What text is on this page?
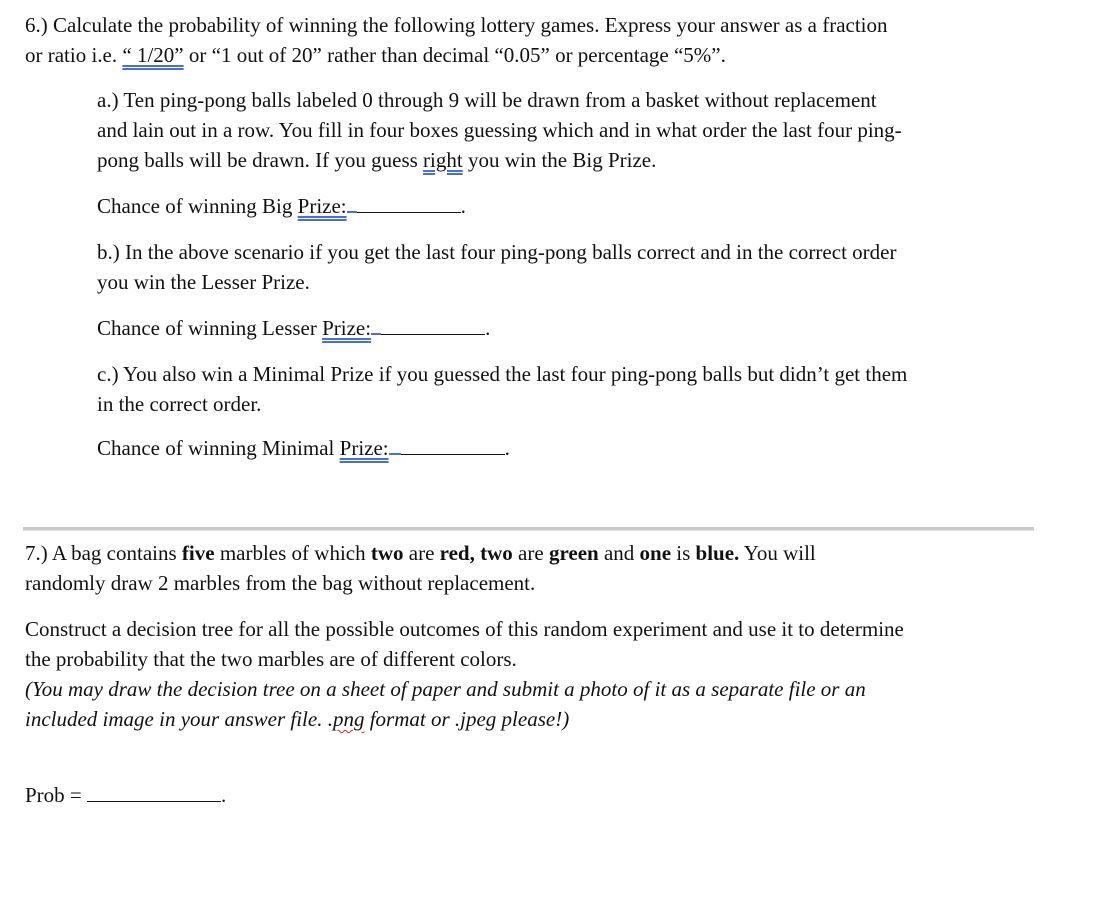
6.) Calculate the probability of winning the following lottery games. Express your answer as a fraction
or ratio i.e. “ 1/20” or “1 out of 20” rather than decimal “0.05” or percentage “5%”.
a.) Ten ping-pong balls labeled 0 through 9 will be drawn from a basket without replacement
and lain out in a row. You fill in four boxes guessing which and in what order the last four ping-
pong balls will be drawn. If you guess right you win the Big Prize.
Chance of winning Big Prize:	.
b.) In the above scenario if you get the last four ping-pong balls correct and in the correct order
you win the Lesser Prize.
Chance of winning Lesser Prize:	.
c.) You also win a Minimal Prize if you guessed the last four ping-pong balls but didn’t get them
in the correct order.
Chance of winning Minimal Prize:	.
7.) A bag contains five marbles of which two are red, two are green and one is blue. You will
randomly draw 2 marbles from the bag without replacement.
Construct a decision tree for all the possible outcomes of this random experiment and use it to determine
the probability that the two marbles are of different colors.
(You may draw the decision tree on a sheet of paper and submit a photo of it as a separate file or an
included image in your answer file. .png format or .jpeg please!)
Prob =	.
